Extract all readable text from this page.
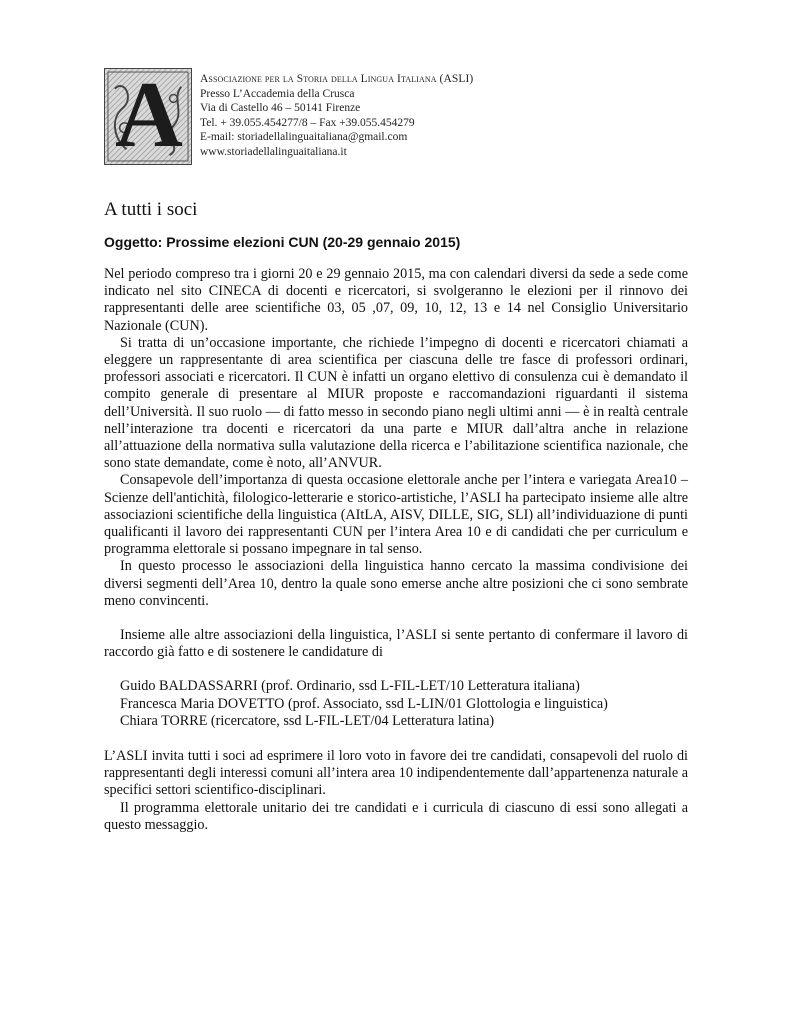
A	Associazione per la Storia della Lingua Italiana (ASLI)
Presso L’Accademia della Crusca
Via di Castello 46 – 50141 Firenze
Tel. + 39.055.454277/8 – Fax +39.055.454279
E-mail: storiadellalinguaitaliana@gmail.com
www.storiadellalinguaitaliana.it
A tutti i soci
Oggetto: Prossime elezioni CUN (20-29 gennaio 2015)

Nel periodo compreso tra i giorni 20 e 29 gennaio 2015, ma con calendari diversi da sede a sede come indicato nel sito CINECA di docenti e ricercatori, si svolgeranno le elezioni per il rinnovo dei rappresentanti delle aree scientifiche 03, 05 ,07, 09, 10, 12, 13 e 14 nel Consiglio Universitario Nazionale (CUN).

Si tratta di un’occasione importante, che richiede l’impegno di docenti e ricercatori chiamati a eleggere un rappresentante di area scientifica per ciascuna delle tre fasce di professori ordinari, professori associati e ricercatori. Il CUN è infatti un organo elettivo di consulenza cui è demandato il compito generale di presentare al MIUR proposte e raccomandazioni riguardanti il sistema dell’Università. Il suo ruolo — di fatto messo in secondo piano negli ultimi anni — è in realtà centrale nell’interazione tra docenti e ricercatori da una parte e MIUR dall’altra anche in relazione all’attuazione della normativa sulla valutazione della ricerca e l’abilitazione scientifica nazionale, che sono state demandate, come è noto, all’ANVUR.

Consapevole dell’importanza di questa occasione elettorale anche per l’intera e variegata Area10 –Scienze dell'antichità, filologico-letterarie e storico-artistiche, l’ASLI ha partecipato insieme alle altre associazioni scientifiche della linguistica (AItLA, AISV, DILLE, SIG, SLI) all’individuazione di punti qualificanti il lavoro dei rappresentanti CUN per l’intera Area 10 e di candidati che per curriculum e programma elettorale si possano impegnare in tal senso.

In questo processo le associazioni della linguistica hanno cercato la massima condivisione dei diversi segmenti dell’Area 10, dentro la quale sono emerse anche altre posizioni che ci sono sembrate meno convincenti.

Insieme alle altre associazioni della linguistica, l’ASLI si sente pertanto di confermare il lavoro di raccordo già fatto e di sostenere le candidature di

Guido BALDASSARRI (prof. Ordinario, ssd L-FIL-LET/10 Letteratura italiana)
Francesca Maria DOVETTO (prof. Associato, ssd L-LIN/01 Glottologia e linguistica)
Chiara TORRE (ricercatore, ssd L-FIL-LET/04 Letteratura latina)

L’ASLI invita tutti i soci ad esprimere il loro voto in favore dei tre candidati, consapevoli del ruolo di rappresentanti degli interessi comuni all’intera area 10 indipendentemente dall’appartenenza naturale a specifici settori scientifico-disciplinari.

Il programma elettorale unitario dei tre candidati e i curricula di ciascuno di essi sono allegati a questo messaggio.
